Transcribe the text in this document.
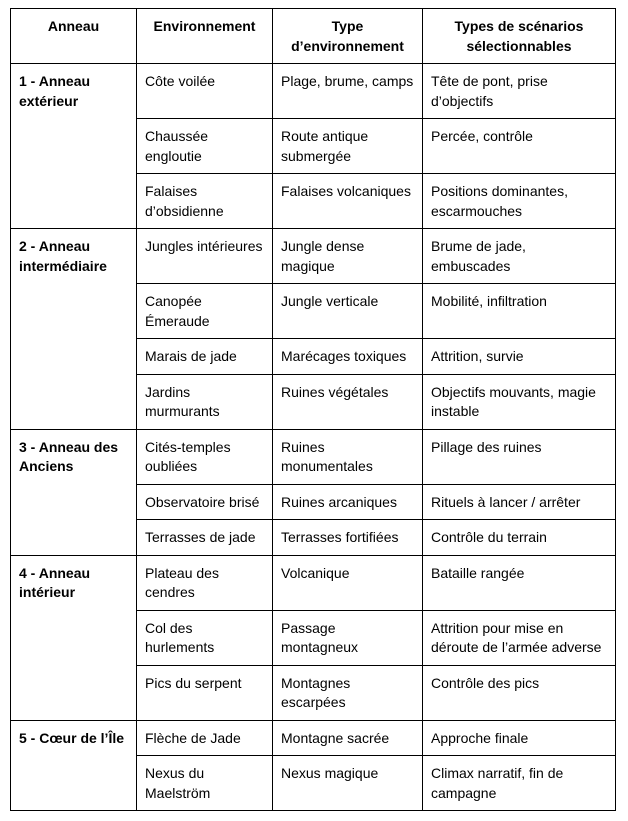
Anneau	Environnement	Type d’environnement	Types de scénarios sélectionnables
1 - Anneau extérieur	Côte voilée	Plage, brume, camps	Tête de pont, prise d’objectifs
	Chaussée engloutie	Route antique submergée	Percée, contrôle
	Falaises d’obsidienne	Falaises volcaniques	Positions dominantes, escarmouches
2 - Anneau intermédiaire	Jungles intérieures	Jungle dense magique	Brume de jade, embuscades
	Canopée Émeraude	Jungle verticale	Mobilité, infiltration
	Marais de jade	Marécages toxiques	Attrition, survie
	Jardins murmurants	Ruines végétales	Objectifs mouvants, magie instable
3 - Anneau des Anciens	Cités-temples oubliées	Ruines monumentales	Pillage des ruines
	Observatoire brisé	Ruines arcaniques	Rituels à lancer / arrêter
	Terrasses de jade	Terrasses fortifiées	Contrôle du terrain
4 - Anneau intérieur	Plateau des cendres	Volcanique	Bataille rangée
	Col des hurlements	Passage montagneux	Attrition pour mise en déroute de l’armée adverse
	Pics du serpent	Montagnes escarpées	Contrôle des pics
5 - Cœur de l’Île	Flèche de Jade	Montagne sacrée	Approche finale
	Nexus du Maelström	Nexus magique	Climax narratif, fin de campagne
